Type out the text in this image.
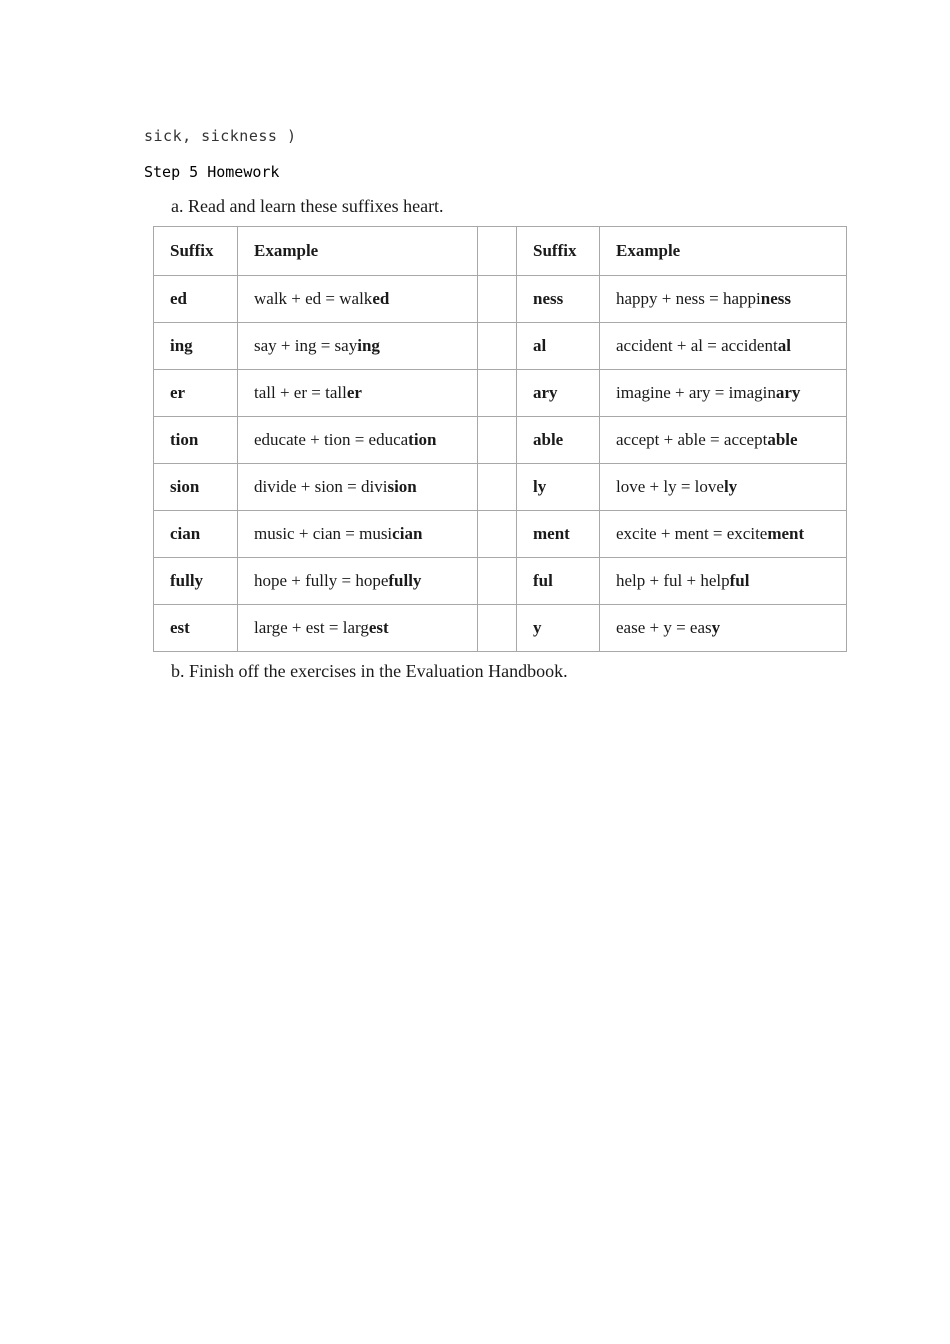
sick, sickness )
Step 5 Homework
a. Read and learn these suffixes heart.
Suffix	Example		Suffix	Example
ed	walk + ed = walked		ness	happy + ness = happiness
ing	say + ing = saying		al	accident + al = accidental
er	tall + er = taller		ary	imagine + ary = imaginary
tion	educate + tion = education		able	accept + able = acceptable
sion	divide + sion = division		ly	love + ly = lovely
cian	music + cian = musician		ment	excite + ment = excitement
fully	hope + fully = hopefully		ful	help + ful + helpful
est	large + est = largest		y	ease + y = easy
b. Finish off the exercises in the Evaluation Handbook.
